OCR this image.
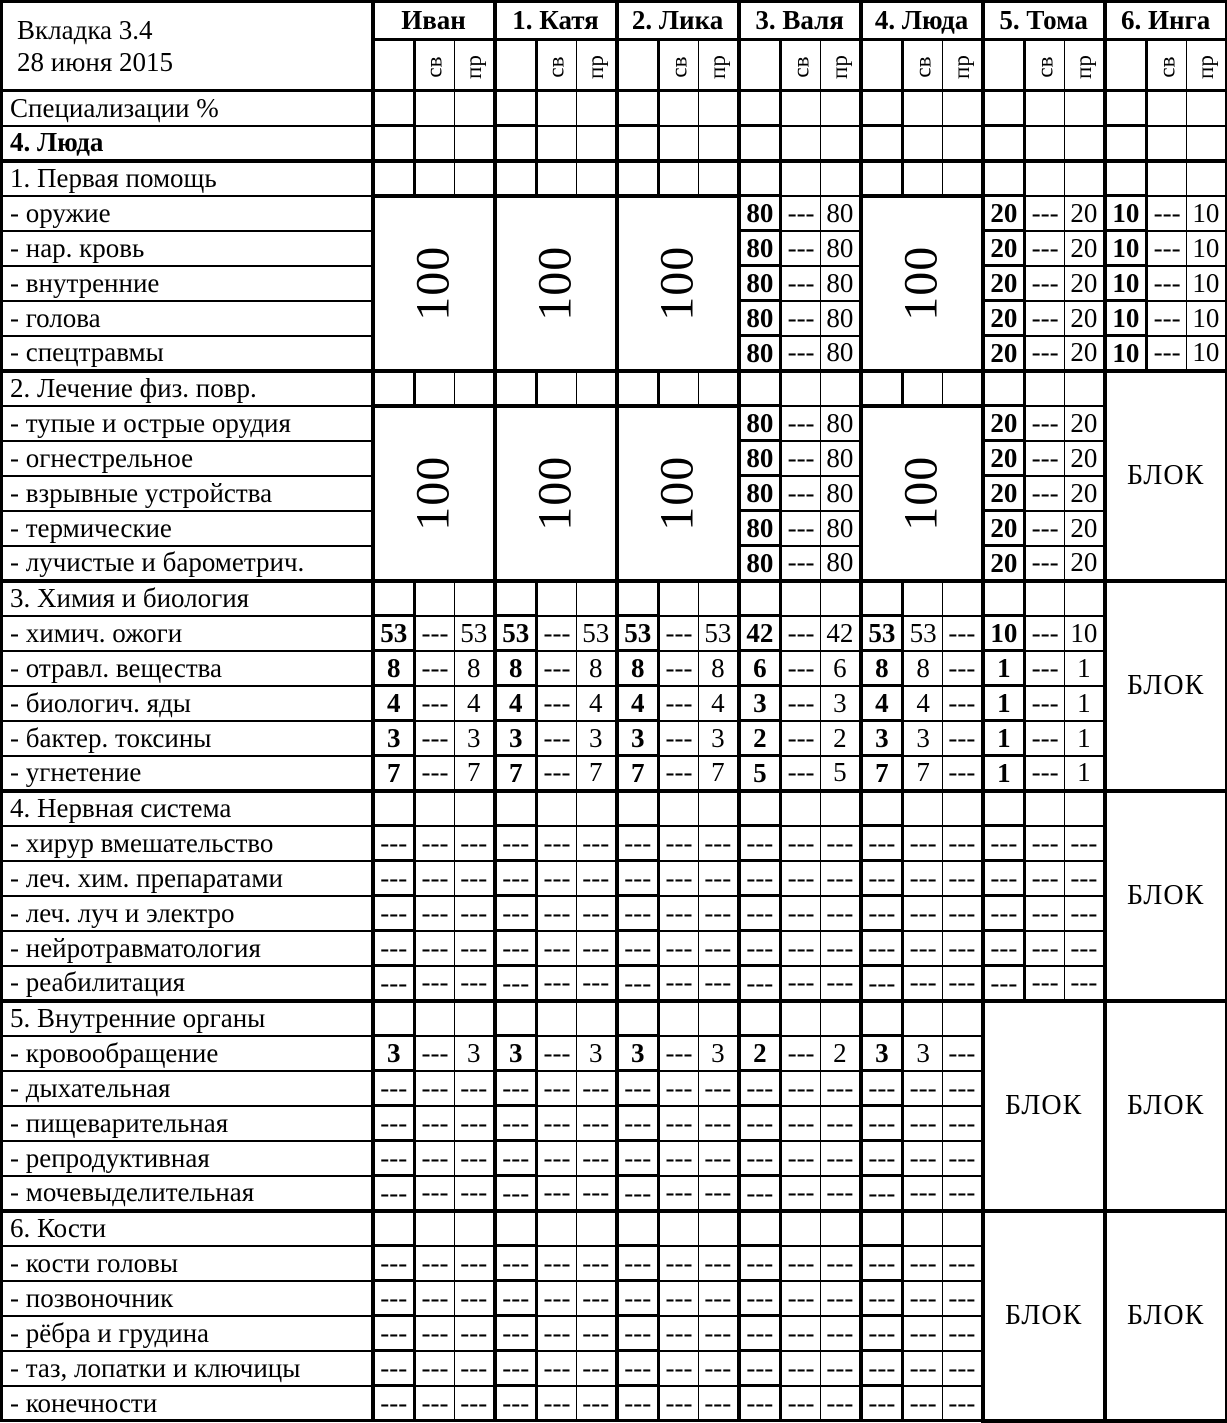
Вкладка 3.4
28 июня 2015	Иван			1. Катя			2. Лика			3. Валя			4. Люда			5. Тома			6. Инга		
		св	пр		св	пр		св	пр		св	пр		св	пр		св	пр		св	пр
Специализации %																					
4. Люда																					
1. Первая помощь																					
- оружие	100			100			100			80	---	80	100			20	---	20	10	---	10
- нар. кровь										80	---	80				20	---	20	10	---	10
- внутренние										80	---	80				20	---	20	10	---	10
- голова										80	---	80				20	---	20	10	---	10
- спецтравмы										80	---	80				20	---	20	10	---	10
2. Лечение физ. повр.																			БЛОК		
- тупые и острые орудия	100			100			100			80	---	80	100			20	---	20			
- огнестрельное										80	---	80				20	---	20			
- взрывные устройства										80	---	80				20	---	20			
- термические										80	---	80				20	---	20			
- лучистые и барометрич.										80	---	80				20	---	20			
3. Химия и биология																			БЛОК		
- химич. ожоги	53	---	53	53	---	53	53	---	53	42	---	42	53	53	---	10	---	10			
- отравл. вещества	8	---	8	8	---	8	8	---	8	6	---	6	8	8	---	1	---	1			
- биологич. яды	4	---	4	4	---	4	4	---	4	3	---	3	4	4	---	1	---	1			
- бактер. токсины	3	---	3	3	---	3	3	---	3	2	---	2	3	3	---	1	---	1			
- угнетение	7	---	7	7	---	7	7	---	7	5	---	5	7	7	---	1	---	1			
4. Нервная система																			БЛОК		
- хирур вмешательство	---	---	---	---	---	---	---	---	---	---	---	---	---	---	---	---	---	---			
- леч. хим. препаратами	---	---	---	---	---	---	---	---	---	---	---	---	---	---	---	---	---	---			
- леч. луч и электро	---	---	---	---	---	---	---	---	---	---	---	---	---	---	---	---	---	---			
- нейротравматология	---	---	---	---	---	---	---	---	---	---	---	---	---	---	---	---	---	---			
- реабилитация	---	---	---	---	---	---	---	---	---	---	---	---	---	---	---	---	---	---			
5. Внутренние органы																БЛОК			БЛОК		
- кровообращение	3	---	3	3	---	3	3	---	3	2	---	2	3	3	---						
- дыхательная	---	---	---	---	---	---	---	---	---	---	---	---	---	---	---						
- пищеварительная	---	---	---	---	---	---	---	---	---	---	---	---	---	---	---						
- репродуктивная	---	---	---	---	---	---	---	---	---	---	---	---	---	---	---						
- мочевыделительная	---	---	---	---	---	---	---	---	---	---	---	---	---	---	---						
6. Кости																БЛОК			БЛОК		
- кости головы	---	---	---	---	---	---	---	---	---	---	---	---	---	---	---						
- позвоночник	---	---	---	---	---	---	---	---	---	---	---	---	---	---	---						
- рёбра и грудина	---	---	---	---	---	---	---	---	---	---	---	---	---	---	---						
- таз, лопатки и ключицы	---	---	---	---	---	---	---	---	---	---	---	---	---	---	---						
- конечности	---	---	---	---	---	---	---	---	---	---	---	---	---	---	---						
